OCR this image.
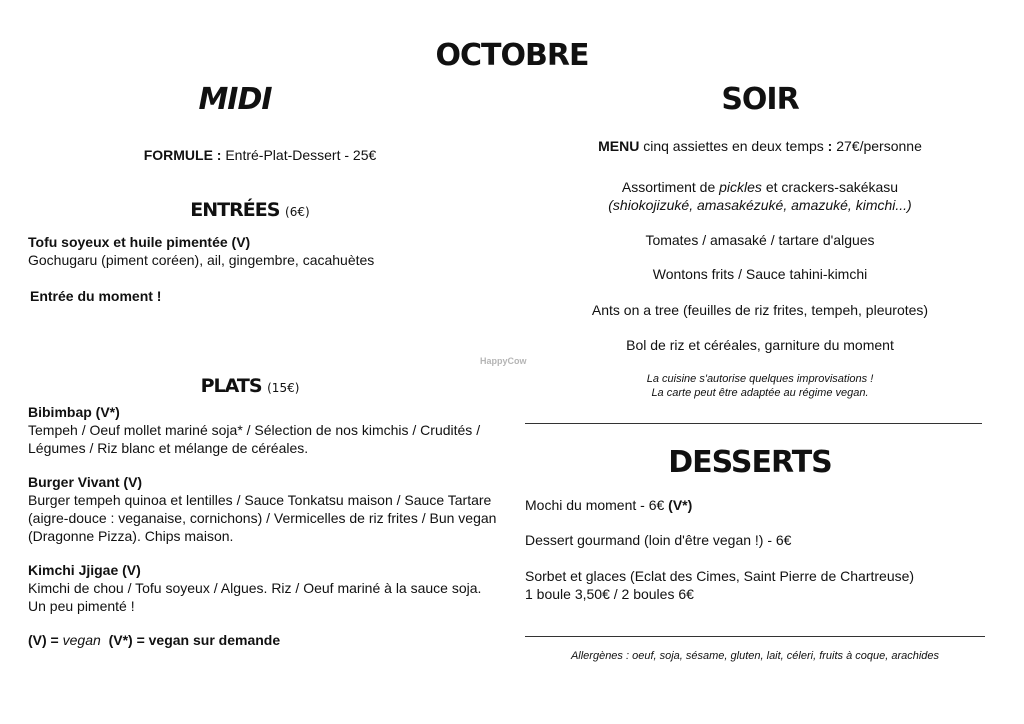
OCTOBRE
MIDI
FORMULE : Entré-Plat-Dessert - 25€
ENTRÉES (6€)
Tofu soyeux et huile pimentée (V)
Gochugaru (piment coréen), ail, gingembre, cacahuètes
Entrée du moment !
PLATS (15€)
Bibimbap (V*)
Tempeh / Oeuf mollet mariné soja* / Sélection de nos kimchis / Crudités / Légumes / Riz blanc et mélange de céréales.
Burger Vivant (V)
Burger tempeh quinoa et lentilles / Sauce Tonkatsu maison / Sauce Tartare (aigre-douce : veganaise, cornichons) / Vermicelles de riz frites / Bun vegan (Dragonne Pizza). Chips maison.
Kimchi Jjigae (V)
Kimchi de chou / Tofu soyeux / Algues. Riz / Oeuf mariné à la sauce soja. Un peu pimenté !
(V) = vegan (V*) = vegan sur demande
SOIR
MENU cinq assiettes en deux temps : 27€/personne
Assortiment de pickles et crackers-sakékasu
(shiokojizuké, amasakézuké, amazuké, kimchi...)
Tomates / amasaké / tartare d'algues
Wontons frits / Sauce tahini-kimchi
Ants on a tree (feuilles de riz frites, tempeh, pleurotes)
Bol de riz et céréales, garniture du moment
La cuisine s'autorise quelques improvisations !
La carte peut être adaptée au régime vegan.
DESSERTS
Mochi du moment - 6€ (V*)
Dessert gourmand (loin d'être vegan !) - 6€
Sorbet et glaces (Eclat des Cimes, Saint Pierre de Chartreuse)
1 boule 3,50€ / 2 boules 6€
Allergènes : oeuf, soja, sésame, gluten, lait, céleri, fruits à coque, arachides
HappyCow
